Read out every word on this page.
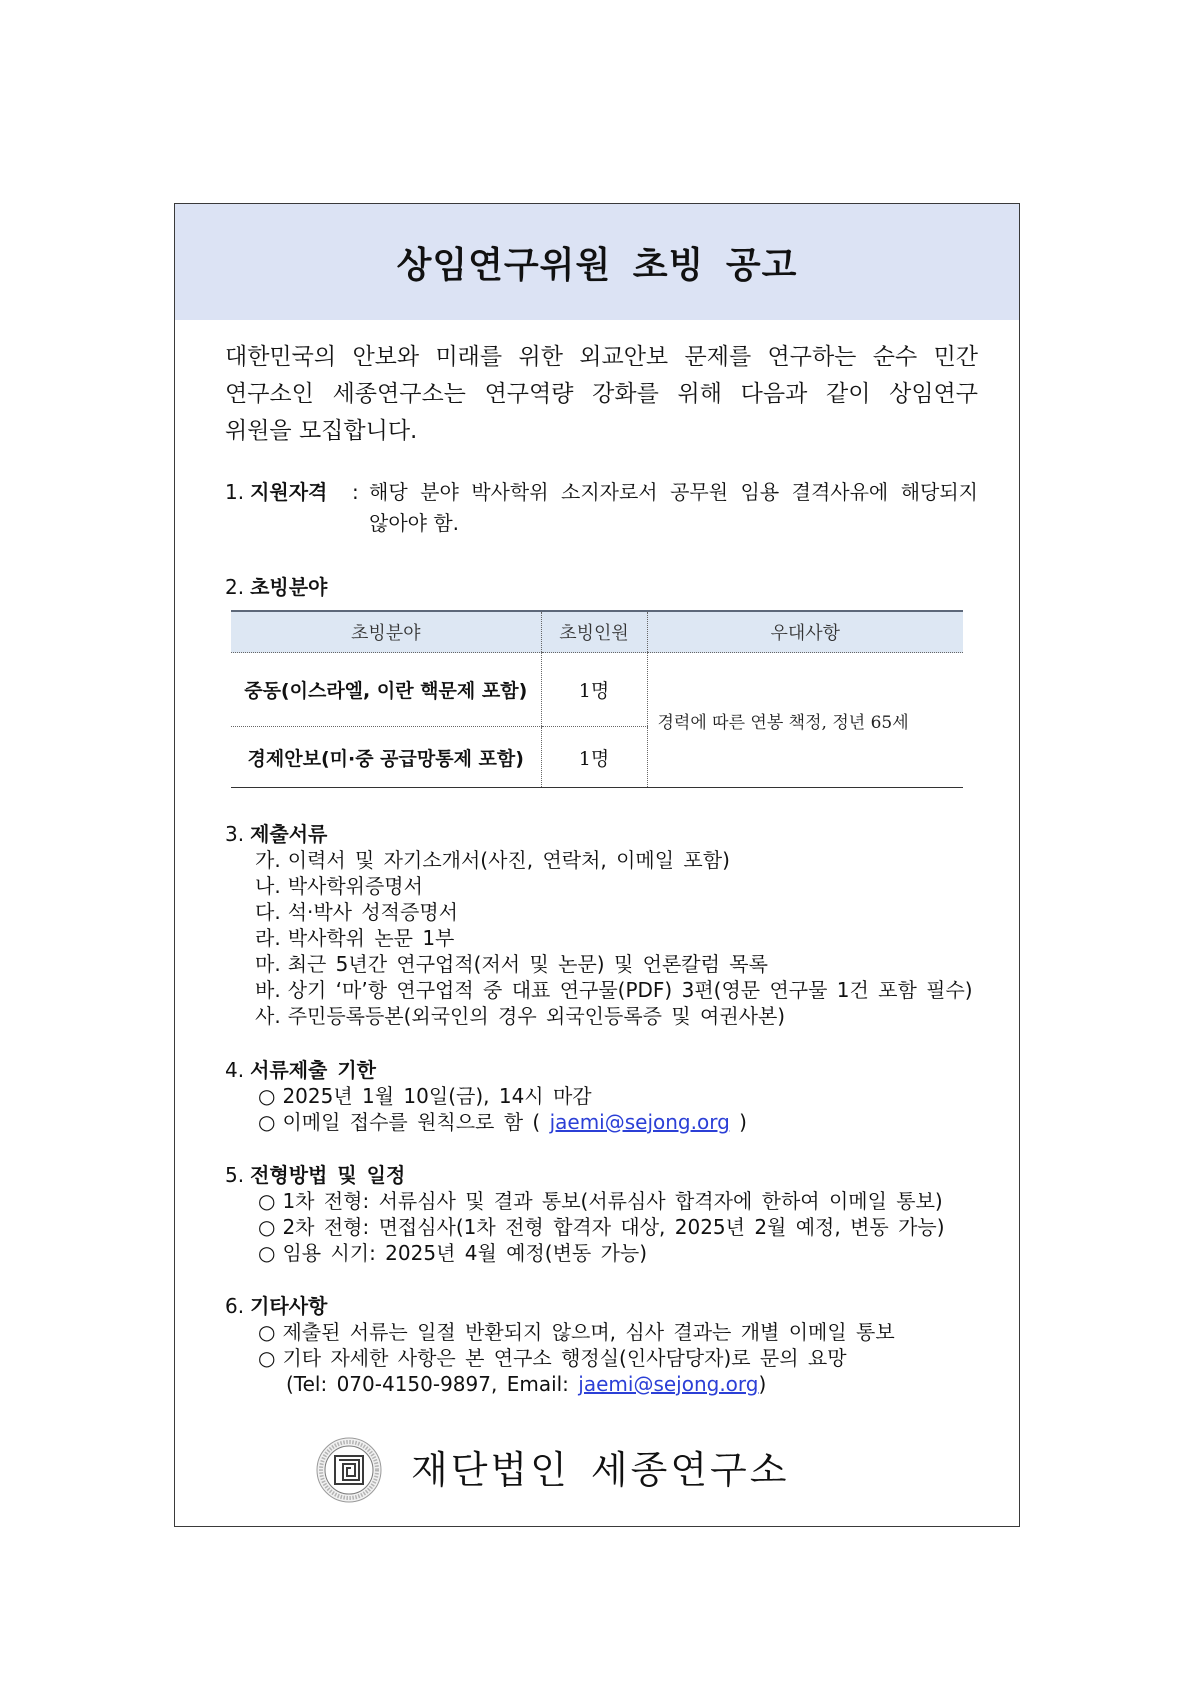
상임연구위원 초빙 공고
대한민국의 안보와 미래를 위한 외교안보 문제를 연구하는 순수 민간
연구소인 세종연구소는 연구역량 강화를 위해 다음과 같이 상임연구
위원을 모집합니다.
1. 지원자격 : 해당 분야 박사학위 소지자로서 공무원 임용 결격사유에 해당되지
않아야 함.
2. 초빙분야
초빙분야	초빙인원	우대사항
중동(이스라엘, 이란 핵문제 포함)	1명	경력에 따른 연봉 책정, 정년 65세
경제안보(미·중 공급망통제 포함)	1명	
3. 제출서류
가. 이력서 및 자기소개서(사진, 연락처, 이메일 포함)
나. 박사학위증명서
다. 석·박사 성적증명서
라. 박사학위 논문 1부
마. 최근 5년간 연구업적(저서 및 논문) 및 언론칼럼 목록
바. 상기 ‘마’항 연구업적 중 대표 연구물(PDF) 3편(영문 연구물 1건 포함 필수)
사. 주민등록등본(외국인의 경우 외국인등록증 및 여권사본)
4. 서류제출 기한
○ 2025년 1월 10일(금), 14시 마감
○ 이메일 접수를 원칙으로 함 ( jaemi@sejong.org )
5. 전형방법 및 일정
○ 1차 전형: 서류심사 및 결과 통보(서류심사 합격자에 한하여 이메일 통보)
○ 2차 전형: 면접심사(1차 전형 합격자 대상, 2025년 2월 예정, 변동 가능)
○ 임용 시기: 2025년 4월 예정(변동 가능)
6. 기타사항
○ 제출된 서류는 일절 반환되지 않으며, 심사 결과는 개별 이메일 통보
○ 기타 자세한 사항은 본 연구소 행정실(인사담당자)로 문의 요망
(Tel: 070-4150-9897, Email: jaemi@sejong.org)
재단법인 세종연구소
